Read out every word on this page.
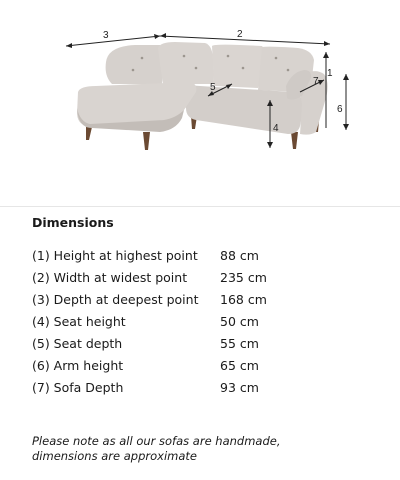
3	2
1
7
6
5
4
Dimensions
(1) Height at highest point	88 cm
(2) Width at widest point	235 cm
(3) Depth at deepest point	168 cm
(4) Seat height	50 cm
(5) Seat depth	55 cm
(6) Arm height	65 cm
(7) Sofa Depth	93 cm
Please note as all our sofas are handmade,
dimensions are approximate
